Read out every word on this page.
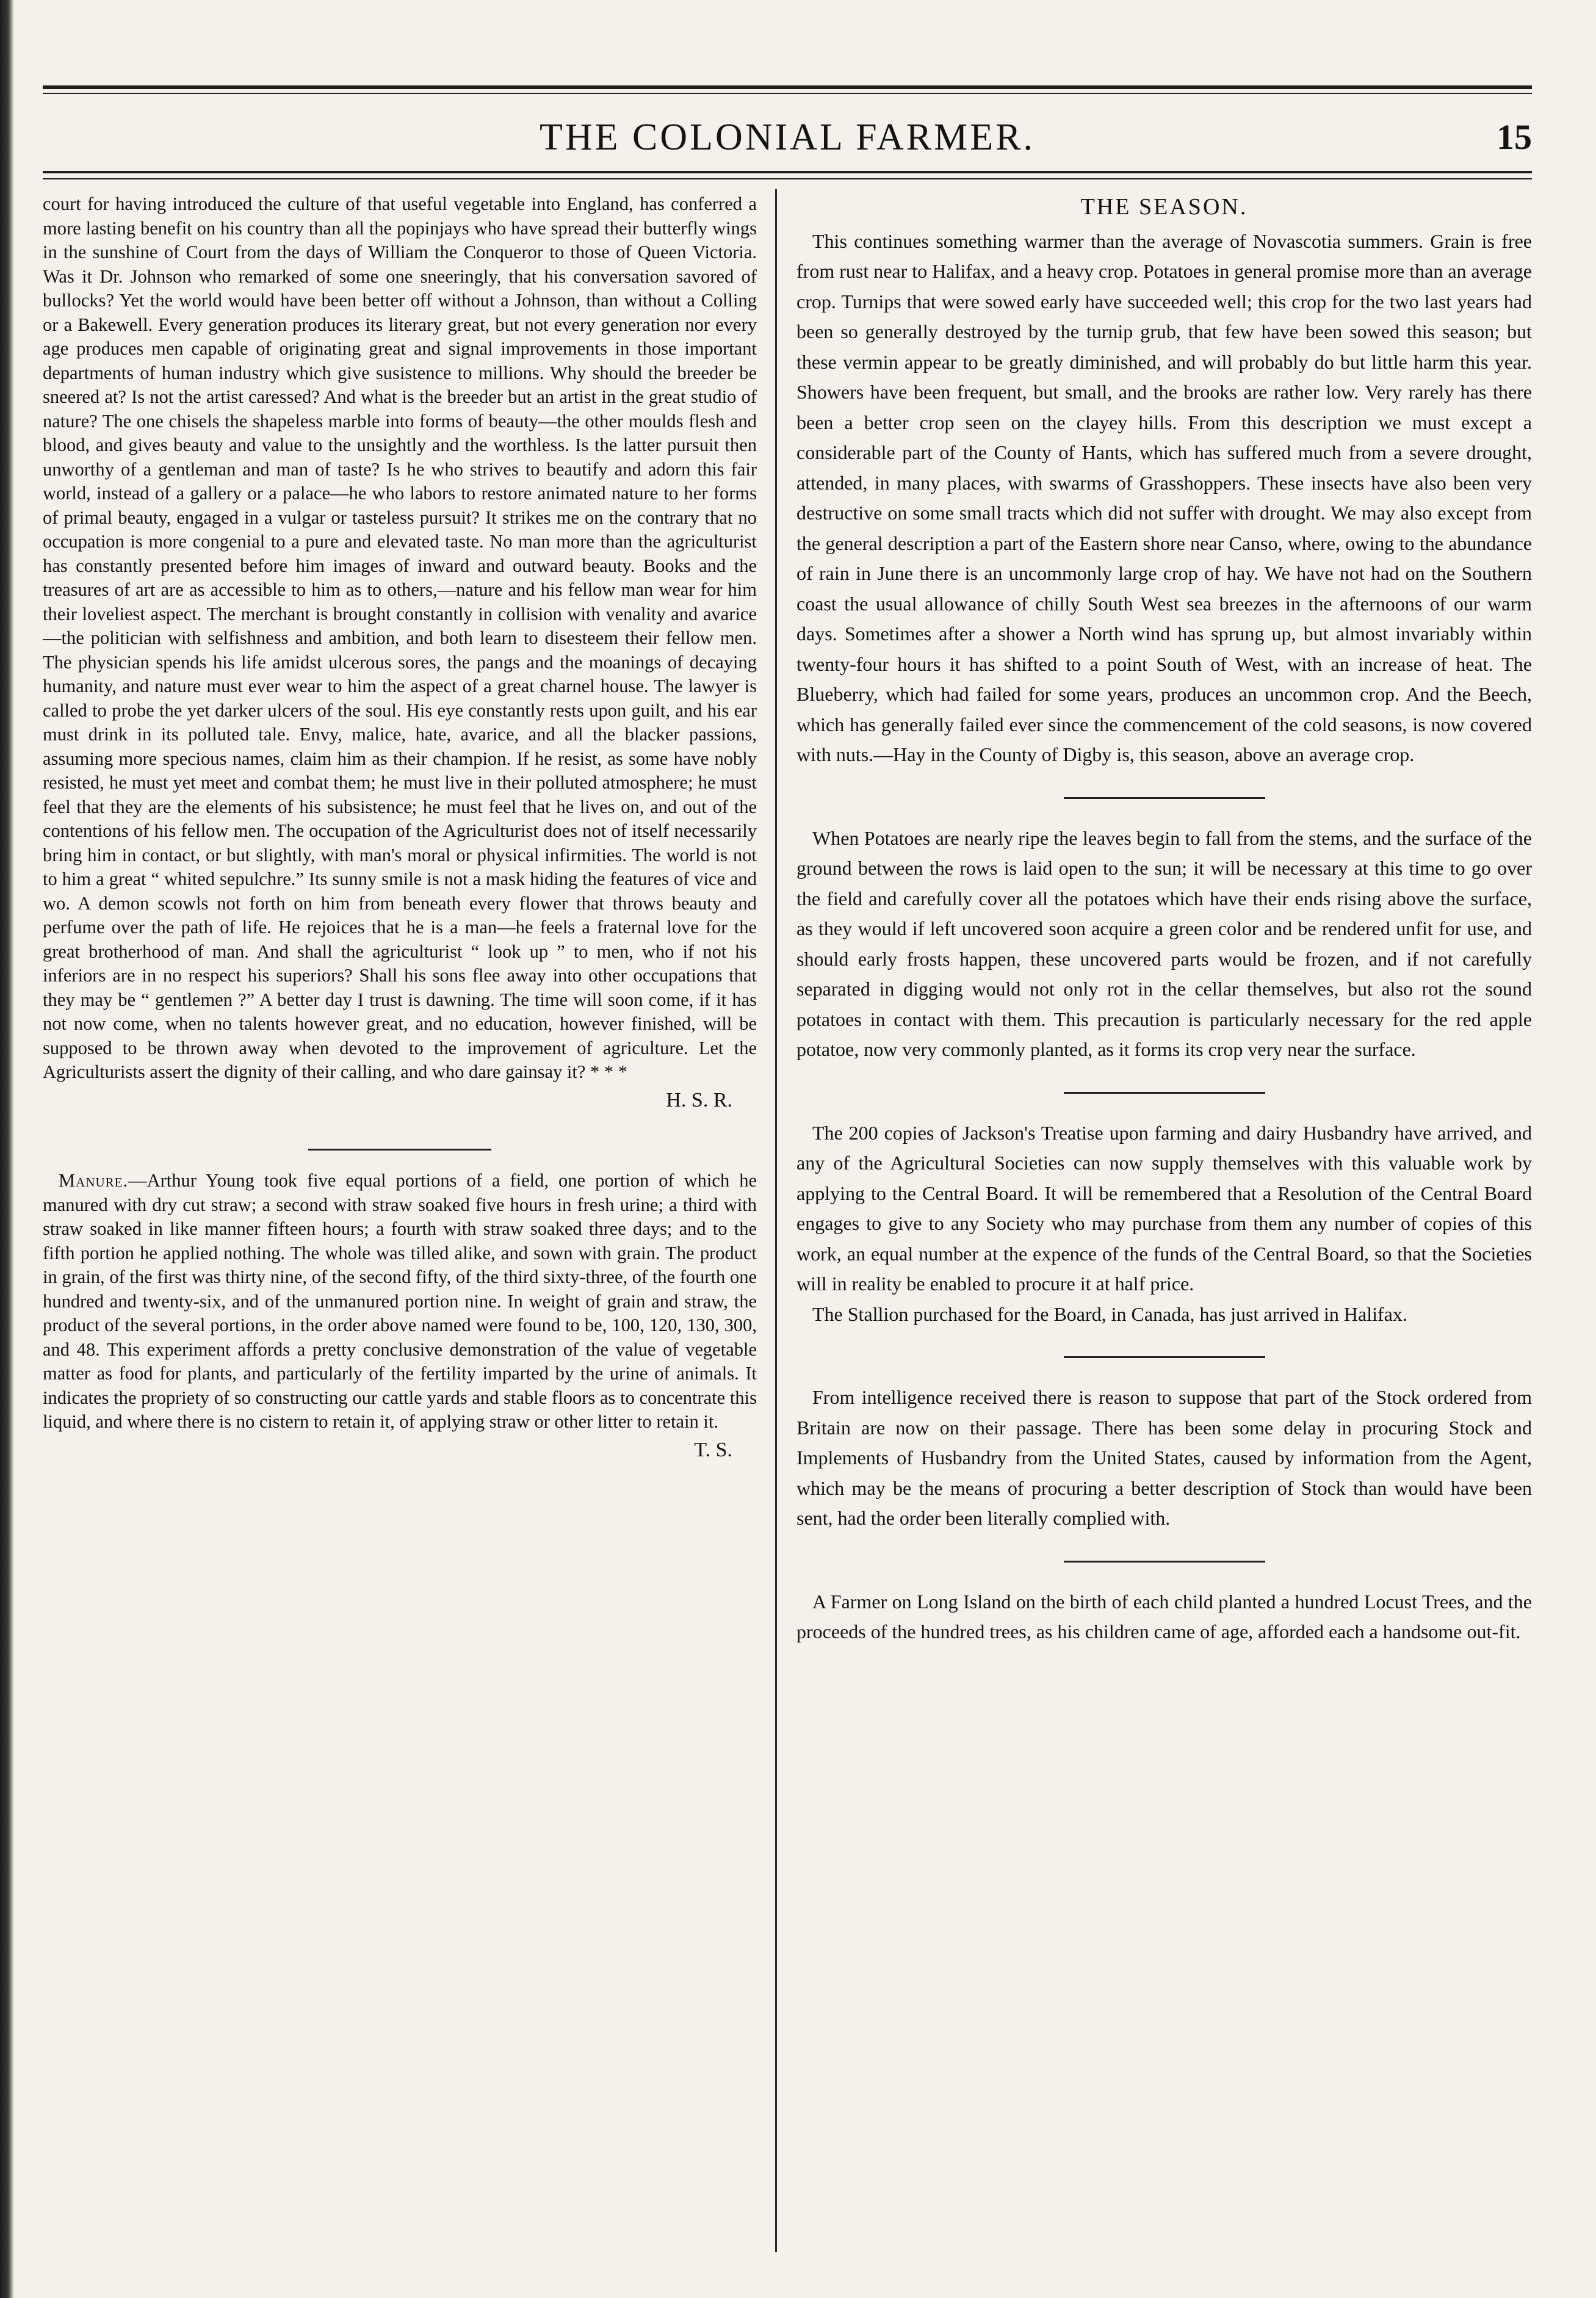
THE COLONIAL FARMER.	15

court for having introduced the culture of that useful vegetable into England, has conferred a more lasting benefit on his country than all the popinjays who have spread their butterfly wings in the sunshine of Court from the days of William the Conqueror to those of Queen Victoria. Was it Dr. Johnson who remarked of some one sneeringly, that his conversation savored of bullocks? Yet the world would have been better off without a Johnson, than without a Colling or a Bakewell. Every generation produces its literary great, but not every generation nor every age produces men capable of originating great and signal improvements in those important departments of human industry which give susistence to millions. Why should the breeder be sneered at? Is not the artist caressed? And what is the breeder but an artist in the great studio of nature? The one chisels the shapeless marble into forms of beauty—the other moulds flesh and blood, and gives beauty and value to the unsightly and the worthless. Is the latter pursuit then unworthy of a gentleman and man of taste? Is he who strives to beautify and adorn this fair world, instead of a gallery or a palace—he who labors to restore animated nature to her forms of primal beauty, engaged in a vulgar or tasteless pursuit? It strikes me on the contrary that no occupation is more congenial to a pure and elevated taste. No man more than the agriculturist has constantly presented before him images of inward and outward beauty. Books and the treasures of art are as accessible to him as to others,—nature and his fellow man wear for him their loveliest aspect. The merchant is brought constantly in collision with venality and avarice—the politician with selfishness and ambition, and both learn to disesteem their fellow men. The physician spends his life amidst ulcerous sores, the pangs and the moanings of decaying humanity, and nature must ever wear to him the aspect of a great charnel house. The lawyer is called to probe the yet darker ulcers of the soul. His eye constantly rests upon guilt, and his ear must drink in its polluted tale. Envy, malice, hate, avarice, and all the blacker passions, assuming more specious names, claim him as their champion. If he resist, as some have nobly resisted, he must yet meet and combat them; he must live in their polluted atmosphere; he must feel that they are the elements of his subsistence; he must feel that he lives on, and out of the contentions of his fellow men. The occupation of the Agriculturist does not of itself necessarily bring him in contact, or but slightly, with man's moral or physical infirmities. The world is not to him a great “ whited sepulchre.” Its sunny smile is not a mask hiding the features of vice and wo. A demon scowls not forth on him from beneath every flower that throws beauty and perfume over the path of life. He rejoices that he is a man—he feels a fraternal love for the great brotherhood of man. And shall the agriculturist “ look up ” to men, who if not his inferiors are in no respect his superiors? Shall his sons flee away into other occupations that they may be “ gentlemen ?” A better day I trust is dawning. The time will soon come, if it has not now come, when no talents however great, and no education, however finished, will be supposed to be thrown away when devoted to the improvement of agriculture. Let the Agriculturists assert the dignity of their calling, and who dare gainsay it? * * *

H. S. R.

Manure.—Arthur Young took five equal portions of a field, one portion of which he manured with dry cut straw; a second with straw soaked five hours in fresh urine; a third with straw soaked in like manner fifteen hours; a fourth with straw soaked three days; and to the fifth portion he applied nothing. The whole was tilled alike, and sown with grain. The product in grain, of the first was thirty nine, of the second fifty, of the third sixty-three, of the fourth one hundred and twenty-six, and of the unmanured portion nine. In weight of grain and straw, the product of the several portions, in the order above named were found to be, 100, 120, 130, 300, and 48. This experiment affords a pretty conclusive demonstration of the value of vegetable matter as food for plants, and particularly of the fertility imparted by the urine of animals. It indicates the propriety of so constructing our cattle yards and stable floors as to concentrate this liquid, and where there is no cistern to retain it, of applying straw or other litter to retain it.

T. S.

THE SEASON.

This continues something warmer than the average of Novascotia summers. Grain is free from rust near to Halifax, and a heavy crop. Potatoes in general promise more than an average crop. Turnips that were sowed early have succeeded well; this crop for the two last years had been so generally destroyed by the turnip grub, that few have been sowed this season; but these vermin appear to be greatly diminished, and will probably do but little harm this year. Showers have been frequent, but small, and the brooks are rather low. Very rarely has there been a better crop seen on the clayey hills. From this description we must except a considerable part of the County of Hants, which has suffered much from a severe drought, attended, in many places, with swarms of Grasshoppers. These insects have also been very destructive on some small tracts which did not suffer with drought. We may also except from the general description a part of the Eastern shore near Canso, where, owing to the abundance of rain in June there is an uncommonly large crop of hay. We have not had on the Southern coast the usual allowance of chilly South West sea breezes in the afternoons of our warm days. Sometimes after a shower a North wind has sprung up, but almost invariably within twenty-four hours it has shifted to a point South of West, with an increase of heat. The Blueberry, which had failed for some years, produces an uncommon crop. And the Beech, which has generally failed ever since the commencement of the cold seasons, is now covered with nuts.—Hay in the County of Digby is, this season, above an average crop.

When Potatoes are nearly ripe the leaves begin to fall from the stems, and the surface of the ground between the rows is laid open to the sun; it will be necessary at this time to go over the field and carefully cover all the potatoes which have their ends rising above the surface, as they would if left uncovered soon acquire a green color and be rendered unfit for use, and should early frosts happen, these uncovered parts would be frozen, and if not carefully separated in digging would not only rot in the cellar themselves, but also rot the sound potatoes in contact with them. This precaution is particularly necessary for the red apple potatoe, now very commonly planted, as it forms its crop very near the surface.

The 200 copies of Jackson's Treatise upon farming and dairy Husbandry have arrived, and any of the Agricultural Societies can now supply themselves with this valuable work by applying to the Central Board. It will be remembered that a Resolution of the Central Board engages to give to any Society who may purchase from them any number of copies of this work, an equal number at the expence of the funds of the Central Board, so that the Societies will in reality be enabled to procure it at half price.

The Stallion purchased for the Board, in Canada, has just arrived in Halifax.

From intelligence received there is reason to suppose that part of the Stock ordered from Britain are now on their passage. There has been some delay in procuring Stock and Implements of Husbandry from the United States, caused by information from the Agent, which may be the means of procuring a better description of Stock than would have been sent, had the order been literally complied with.

A Farmer on Long Island on the birth of each child planted a hundred Locust Trees, and the proceeds of the hundred trees, as his children came of age, afforded each a handsome out-fit.
